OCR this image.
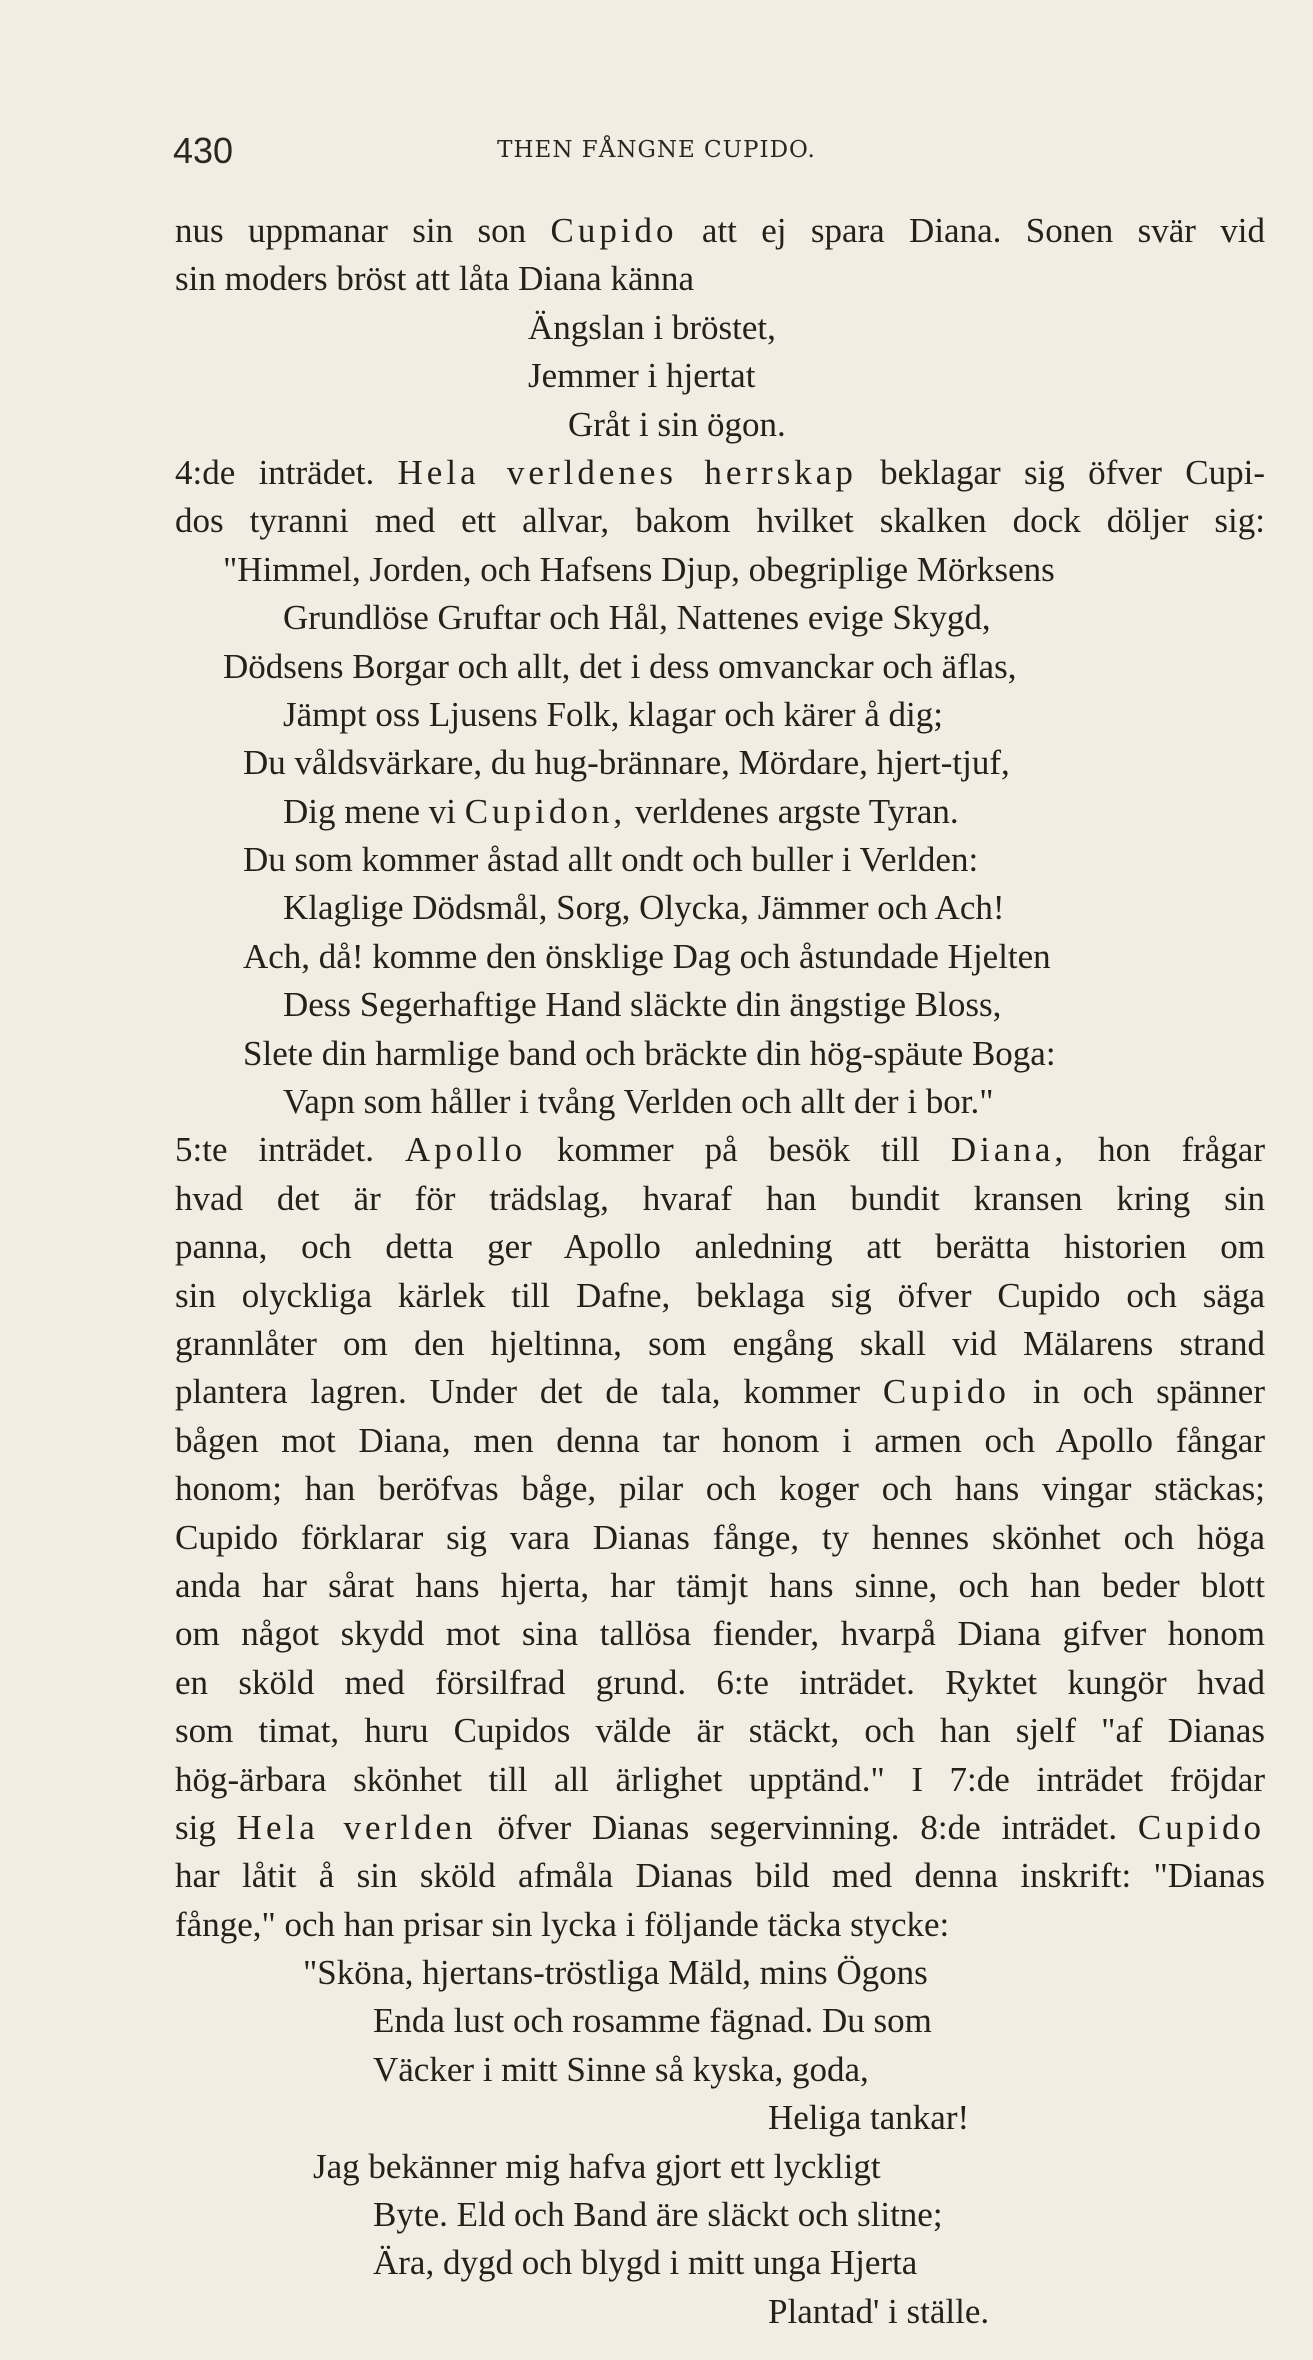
430	THEN FÅNGNE CUPIDO.
nus uppmanar sin son Cupido att ej spara Diana. Sonen svär vid
sin moders bröst att låta Diana känna
Ängslan i bröstet,
Jemmer i hjertat
Gråt i sin ögon.
4:de inträdet. Hela verldenes herrskap beklagar sig öfver Cupi-
dos tyranni med ett allvar, bakom hvilket skalken dock döljer sig:
"Himmel, Jorden, och Hafsens Djup, obegriplige Mörksens
Grundlöse Gruftar och Hål, Nattenes evige Skygd,
Dödsens Borgar och allt, det i dess omvanckar och äflas,
Jämpt oss Ljusens Folk, klagar och kärer å dig;
Du våldsvärkare, du hug-brännare, Mördare, hjert-tjuf,
Dig mene vi Cupidon, verldenes argste Tyran.
Du som kommer åstad allt ondt och buller i Verlden:
Klaglige Dödsmål, Sorg, Olycka, Jämmer och Ach!
Ach, då! komme den önsklige Dag och åstundade Hjelten
Dess Segerhaftige Hand släckte din ängstige Bloss,
Slete din harmlige band och bräckte din hög-späute Boga:
Vapn som håller i tvång Verlden och allt der i bor."
5:te inträdet. Apollo kommer på besök till Diana, hon frågar
hvad det är för trädslag, hvaraf han bundit kransen kring sin
panna, och detta ger Apollo anledning att berätta historien om
sin olyckliga kärlek till Dafne, beklaga sig öfver Cupido och säga
grannlåter om den hjeltinna, som engång skall vid Mälarens strand
plantera lagren. Under det de tala, kommer Cupido in och spänner
bågen mot Diana, men denna tar honom i armen och Apollo fångar
honom; han beröfvas båge, pilar och koger och hans vingar stäckas;
Cupido förklarar sig vara Dianas fånge, ty hennes skönhet och höga
anda har sårat hans hjerta, har tämjt hans sinne, och han beder blott
om något skydd mot sina tallösa fiender, hvarpå Diana gifver honom
en sköld med försilfrad grund. 6:te inträdet. Ryktet kungör hvad
som timat, huru Cupidos välde är stäckt, och han sjelf "af Dianas
hög-ärbara skönhet till all ärlighet upptänd." I 7:de inträdet fröjdar
sig Hela verlden öfver Dianas segervinning. 8:de inträdet. Cupido
har låtit å sin sköld afmåla Dianas bild med denna inskrift: "Dianas
fånge," och han prisar sin lycka i följande täcka stycke:
"Sköna, hjertans-tröstliga Mäld, mins Ögons
Enda lust och rosamme fägnad. Du som
Väcker i mitt Sinne så kyska, goda,
Heliga tankar!
Jag bekänner mig hafva gjort ett lyckligt
Byte. Eld och Band äre släckt och slitne;
Ära, dygd och blygd i mitt unga Hjerta
Plantad' i ställe.
